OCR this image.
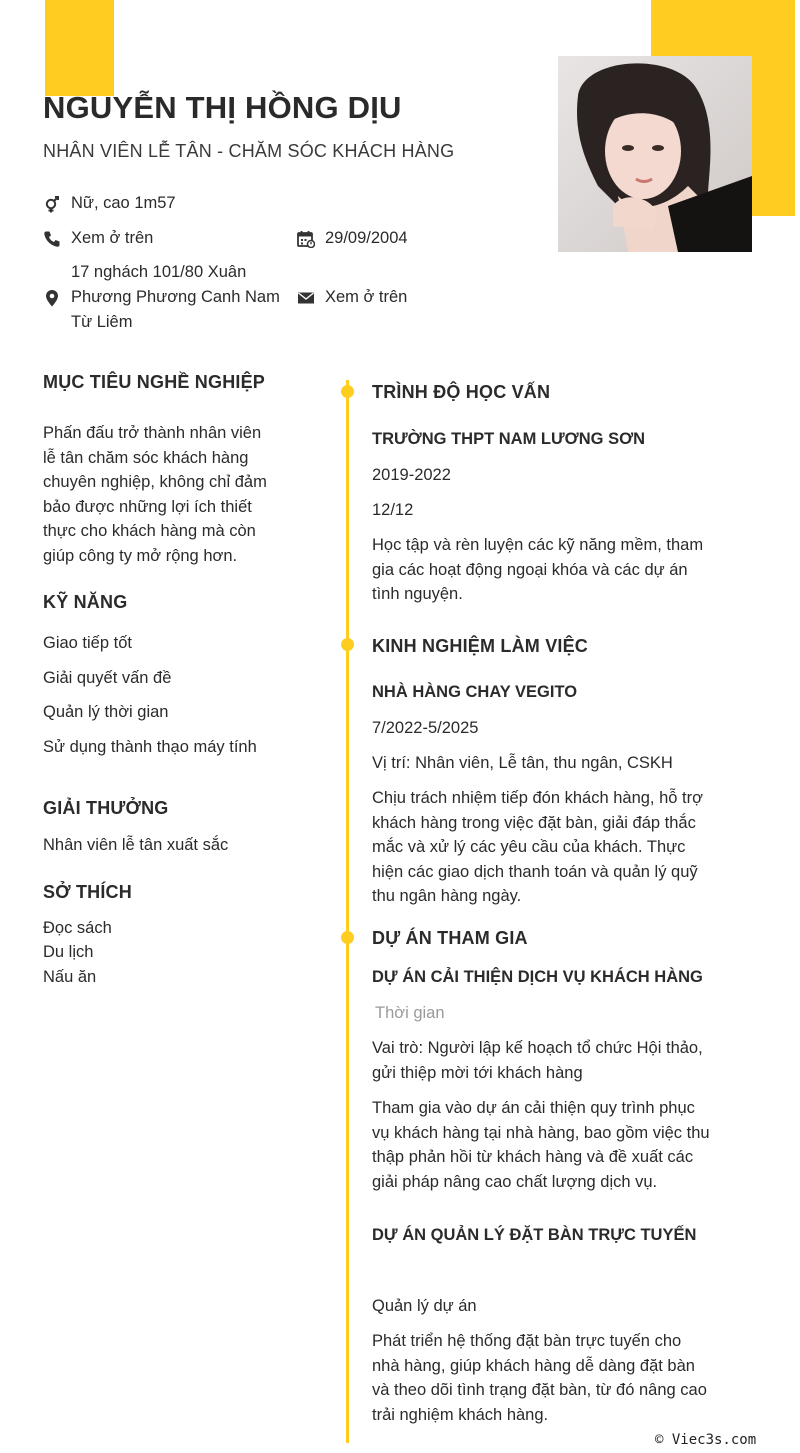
NGUYỄN THỊ HỒNG DỊU
NHÂN VIÊN LỄ TÂN - CHĂM SÓC KHÁCH HÀNG
Nữ, cao 1m57
Xem ở trên	29/09/2004
17 nghách 101/80 Xuân
Phương Phương Canh Nam
Từ Liêm
Xem ở trên
MỤC TIÊU NGHỀ NGHIỆP
Phấn đấu trở thành nhân viên
lễ tân chăm sóc khách hàng
chuyên nghiệp, không chỉ đảm
bảo được những lợi ích thiết
thực cho khách hàng mà còn
giúp công ty mở rộng hơn.
KỸ NĂNG
Giao tiếp tốt
Giải quyết vấn đề
Quản lý thời gian
Sử dụng thành thạo máy tính
GIẢI THƯỞNG
Nhân viên lễ tân xuất sắc
SỞ THÍCH
Đọc sách
Du lịch
Nấu ăn
TRÌNH ĐỘ HỌC VẤN
TRƯỜNG THPT NAM LƯƠNG SƠN
2019-2022
12/12
Học tập và rèn luyện các kỹ năng mềm, tham
gia các hoạt động ngoại khóa và các dự án
tình nguyện.
KINH NGHIỆM LÀM VIỆC
NHÀ HÀNG CHAY VEGITO
7/2022-5/2025
Vị trí: Nhân viên, Lễ tân, thu ngân, CSKH
Chịu trách nhiệm tiếp đón khách hàng, hỗ trợ
khách hàng trong việc đặt bàn, giải đáp thắc
mắc và xử lý các yêu cầu của khách. Thực
hiện các giao dịch thanh toán và quản lý quỹ
thu ngân hàng ngày.
DỰ ÁN THAM GIA
DỰ ÁN CẢI THIỆN DỊCH VỤ KHÁCH HÀNG
Thời gian
Vai trò: Người lập kế hoạch tổ chức Hội thảo,
gửi thiệp mời tới khách hàng
Tham gia vào dự án cải thiện quy trình phục
vụ khách hàng tại nhà hàng, bao gồm việc thu
thập phản hồi từ khách hàng và đề xuất các
giải pháp nâng cao chất lượng dịch vụ.
DỰ ÁN QUẢN LÝ ĐẶT BÀN TRỰC TUYẾN
Quản lý dự án
Phát triển hệ thống đặt bàn trực tuyến cho
nhà hàng, giúp khách hàng dễ dàng đặt bàn
và theo dõi tình trạng đặt bàn, từ đó nâng cao
trải nghiệm khách hàng.
© Viec3s.com
